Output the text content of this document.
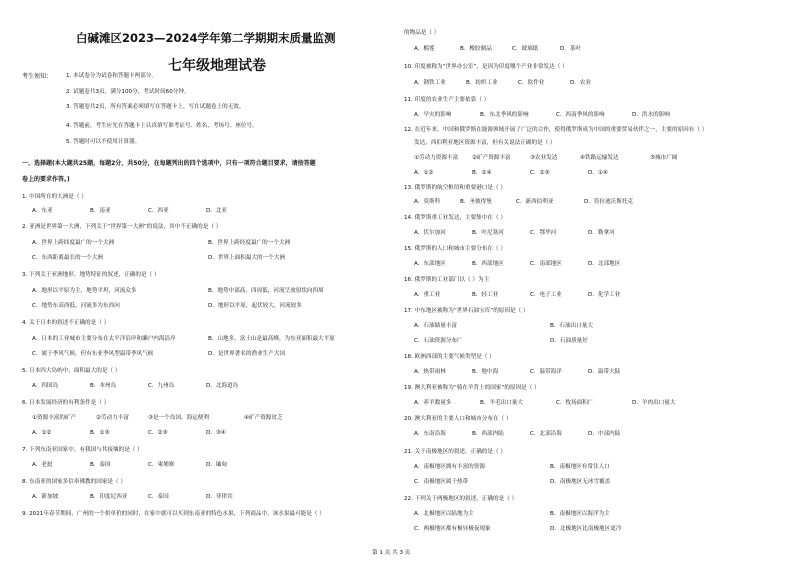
白碱滩区2023—2024学年第二学期期末质量监测
七年级地理试卷
考生须知： 1. 本试卷分为试卷和答题卡两部分。
2. 试题卷共3页，满分100分，考试时间60分钟。
3. 答题卷共2页，所有答案必须填写在答题卡上，写在试题卷上的无效。
4. 答题前，考生应先在答题卡上认真填写准考证号、姓名、考场号、座位号。
5. 答题时可以不使用计算器。
一、选择题(本大题共25题，每题2分，共50分，在每题列出的四个选项中，只有一项符合题目要求，请按答题
卷上的要求作答。)
1. 中国所在的大洲是（ ）
A．东亚	B．南亚	C．西亚	D．北亚
2. 亚洲是世界第一大洲，下列关于“世界第一大洲”的说法，其中不正确的是（ ）
A．世界上跨纬度最广的一个大洲	B．世界上跨经度最广的一个大洲
C．东西距离最长的一个大洲	D．世界上面积最大的一个大洲
3. 下列关于亚洲地形、地势特征的叙述，正确的是（ ）
A．地形以平原为主，地势平坦，河流众多	B．地势中部高，四周低，河流呈放射状向四周
C．地势东高西低，河流多为东西向	D．地形以平原，起伏较大，河流较多
4. 关于日本的叙述不正确的是（ ）
A．日本的工业城市主要分布在太平洋沿岸和濑户内海沿岸	B．山地多，富士山是最高峰，为东亚面积最大平原
C．属于季风气候，但有东亚季风型温带季风气候	D．是世界著名的渔业生产大国
5. 日本四大岛屿中，面积最大的是（ ）
A．四国岛	B．本州岛	C．九州岛	D．北海道岛
6. 日本发展经济的有利条件是（ ）
①资源丰富的矿产	②劳动力丰富	③是一个岛国，海运便利	④矿产资源贫乏
A．①②	B．①③	C．②③	D．③④
7. 下列东南亚国家中，有我国与其接壤的是（ ）
A．老挝	B．泰国	C．柬埔寨	D．缅甸
8. 东南亚的国家多信奉佛教的国家是（ ）
A．新加坡	B．印度尼西亚	C．泰国	D．菲律宾
9. 2021年春节期间，广州的一个拼单价的同时，在家中就可以买到东南亚的特色水果，下列商品中，该水果最可能是（ ）
的物品是（ ）
A．榴莲	B．橡胶制品	C．玻璃纸	D．茶叶
10. 印度被称为“世界办公室”，是因为印度哪个产业非常发达（ ）
A．钢铁工业	B．纺织工业	C．软件业	D．农业
11. 印度的农业生产主要依靠（ ）
A．旱灾的影响	B．东北季风的影响	C．西南季风的影响	D．洪水的影响
12. 在近年来，中国和俄罗斯在能源领域开展了广泛的合作，使得俄罗斯成为中国的重要贸易伙伴之一，主要的原因有（ ）
发达，西伯利亚地区资源丰富，但有关说法正确的是（ ）
①劳动力资源丰富 ②矿产资源丰富	③农业发达	④铁路运输发达	⑤城市广阔
A．①②	B．②④	C．②③	D．①④
13. 俄罗斯的航空枢纽和重要港口是（ ）
A．莫斯科	B．圣彼得堡	C．新西伯利亚	D．符拉迪沃斯托克
14. 俄罗斯重工业发达，主要集中在（ ）
A．伏尔加河	B．叶尼塞河	C．鄂毕河	D．勒拿河
15. 俄罗斯的人口和城市主要分布在（ ）
A．东部地区	B．西部地区	C．南部地区	D．北部地区
16. 俄罗斯的工业部门以（ ）为主
A．重工业	B．轻工业	C．电子工业	D．化学工业
17. 中东地区被称为“世界石油宝库”的原因是（ ）
A．石油储量丰富	B．石油出口量大
C．石油资源分布广	D．石油质量好
18. 欧洲西部的主要气候类型是（ ）
A．热带雨林	B．地中海	C．温带海洋	D．温带大陆
19. 澳大利亚被称为“骑在羊背上的国家”的原因是（ ）
A．养羊数量多	B．羊毛出口量大	C．牧场面积广	D．羊肉出口量大
20. 澳大利亚的主要人口和城市分布在（ ）
A．东南沿海	B．西部内陆	C．北部沿海	D．中部内陆
21. 关于南极地区的叙述，正确的是（ ）
A．南极地区拥有丰富的资源	B．南极地区有常住人口
C．南极地区属于热带	D．南极地区无冰雪覆盖
22. 下列关于两极地区的叙述，正确的是（ ）
A．北极地区以陆地为主	B．南极地区以海洋为主
C．两极地区都有极昼极夜现象	D．北极地区比南极地区更冷
第 1 页 共 3 页
